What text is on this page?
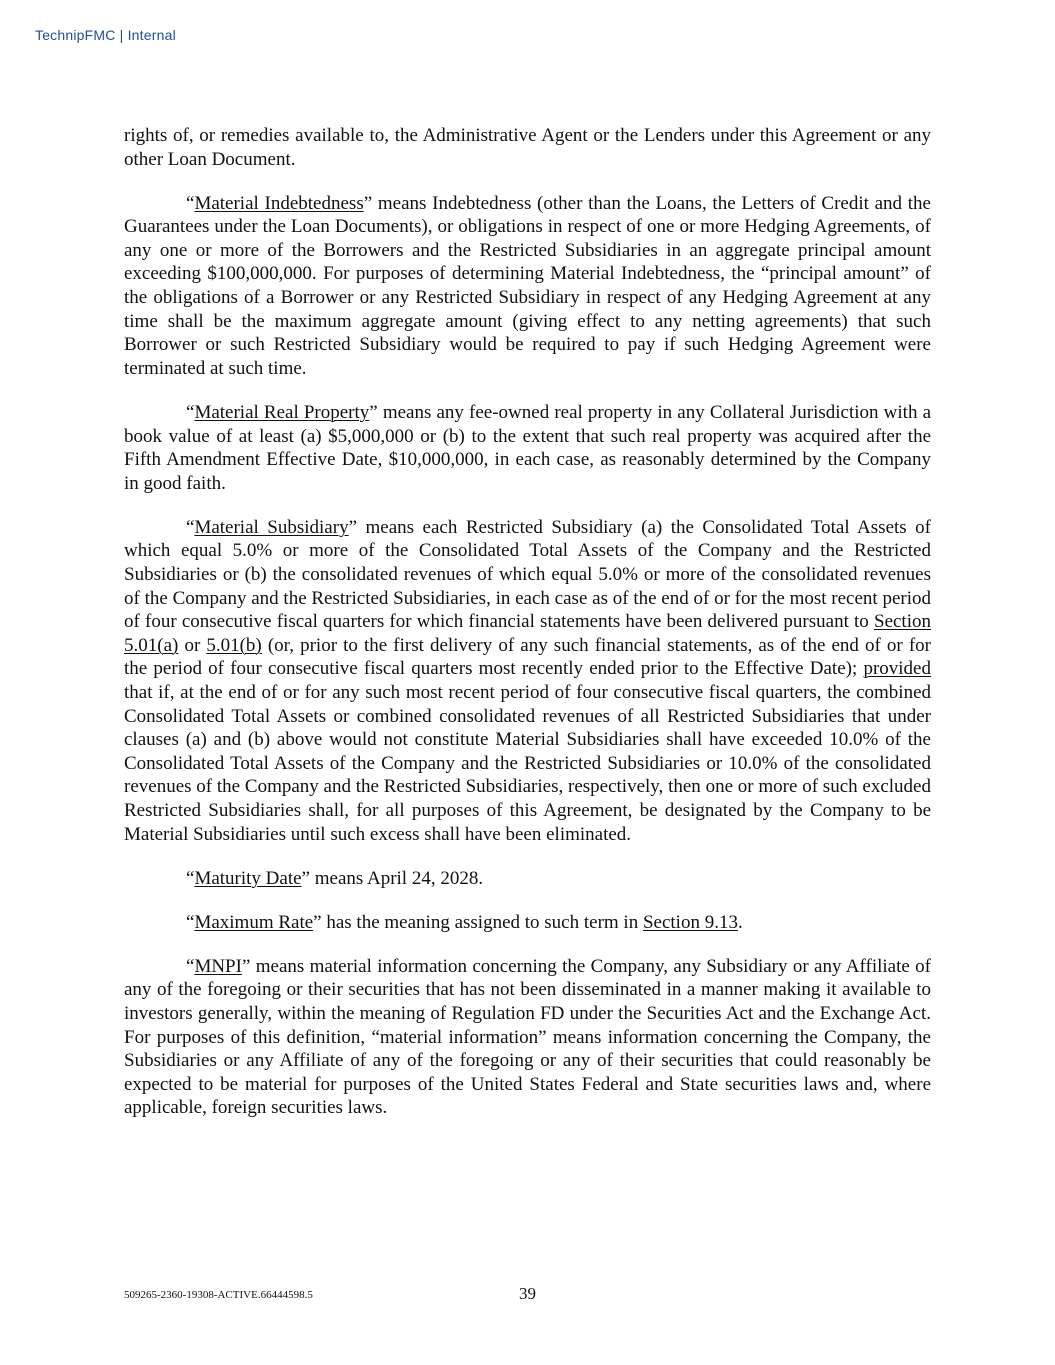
TechnipFMC | Internal

rights of, or remedies available to, the Administrative Agent or the Lenders under this Agreement or any other Loan Document.

“Material Indebtedness” means Indebtedness (other than the Loans, the Letters of Credit and the Guarantees under the Loan Documents), or obligations in respect of one or more Hedging Agreements, of any one or more of the Borrowers and the Restricted Subsidiaries in an aggregate principal amount exceeding $100,000,000. For purposes of determining Material Indebtedness, the “principal amount” of the obligations of a Borrower or any Restricted Subsidiary in respect of any Hedging Agreement at any time shall be the maximum aggregate amount (giving effect to any netting agreements) that such Borrower or such Restricted Subsidiary would be required to pay if such Hedging Agreement were terminated at such time.

“Material Real Property” means any fee-owned real property in any Collateral Jurisdiction with a book value of at least (a) $5,000,000 or (b) to the extent that such real property was acquired after the Fifth Amendment Effective Date, $10,000,000, in each case, as reasonably determined by the Company in good faith.

“Material Subsidiary” means each Restricted Subsidiary (a) the Consolidated Total Assets of which equal 5.0% or more of the Consolidated Total Assets of the Company and the Restricted Subsidiaries or (b) the consolidated revenues of which equal 5.0% or more of the consolidated revenues of the Company and the Restricted Subsidiaries, in each case as of the end of or for the most recent period of four consecutive fiscal quarters for which financial statements have been delivered pursuant to Section 5.01(a) or 5.01(b) (or, prior to the first delivery of any such financial statements, as of the end of or for the period of four consecutive fiscal quarters most recently ended prior to the Effective Date); provided that if, at the end of or for any such most recent period of four consecutive fiscal quarters, the combined Consolidated Total Assets or combined consolidated revenues of all Restricted Subsidiaries that under clauses (a) and (b) above would not constitute Material Subsidiaries shall have exceeded 10.0% of the Consolidated Total Assets of the Company and the Restricted Subsidiaries or 10.0% of the consolidated revenues of the Company and the Restricted Subsidiaries, respectively, then one or more of such excluded Restricted Subsidiaries shall, for all purposes of this Agreement, be designated by the Company to be Material Subsidiaries until such excess shall have been eliminated.

“Maturity Date” means April 24, 2028.

“Maximum Rate” has the meaning assigned to such term in Section 9.13.

“MNPI” means material information concerning the Company, any Subsidiary or any Affiliate of any of the foregoing or their securities that has not been disseminated in a manner making it available to investors generally, within the meaning of Regulation FD under the Securities Act and the Exchange Act. For purposes of this definition, “material information” means information concerning the Company, the Subsidiaries or any Affiliate of any of the foregoing or any of their securities that could reasonably be expected to be material for purposes of the United States Federal and State securities laws and, where applicable, foreign securities laws.

509265-2360-19308-ACTIVE.66444598.5	39
